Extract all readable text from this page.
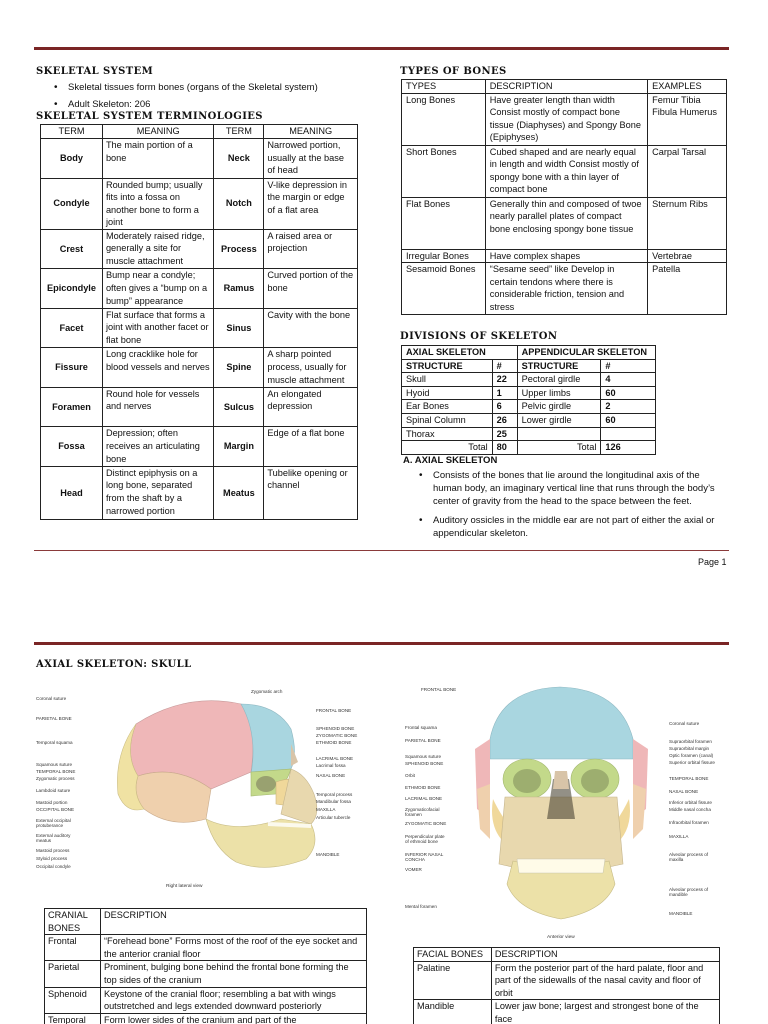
SKELETAL SYSTEM
• Skeletal tissues form bones (organs of the Skeletal system)
• Adult Skeleton: 206
SKELETAL SYSTEM TERMINOLOGIES
TERM	MEANING	TERM	MEANING
Body	The main portion of a bone	Neck	Narrowed portion, usually at the base of head
Condyle	Rounded bump; usually fits into a fossa on another bone to form a joint	Notch	V-like depression in the margin or edge of a flat area
Crest	Moderately raised ridge, generally a site for muscle attachment	Process	A raised area or projection
Epicondyle	Bump near a condyle; often gives a “bump on a bump” appearance	Ramus	Curved portion of the bone
Facet	Flat surface that forms a joint with another facet or flat bone	Sinus	Cavity with the bone
Fissure	Long cracklike hole for blood vessels and nerves	Spine	A sharp pointed process, usually for muscle attachment
Foramen	Round hole for vessels and nerves	Sulcus	An elongated depression
Fossa	Depression; often receives an articulating bone	Margin	Edge of a flat bone
Head	Distinct epiphysis on a long bone, separated from the shaft by a narrowed portion	Meatus	Tubelike opening or channel
TYPES OF BONES
TYPES	DESCRIPTION	EXAMPLES
Long Bones	Have greater length than width Consist mostly of compact bone tissue (Diaphyses) and Spongy Bone (Epiphyses)	Femur Tibia Fibula Humerus
Short Bones	Cubed shaped and are nearly equal in length and width Consist mostly of spongy bone with a thin layer of compact bone	Carpal Tarsal
Flat Bones	Generally thin and composed of twoe nearly parallel plates of compact bone enclosing spongy bone tissue	Sternum Ribs
Irregular Bones	Have complex shapes	Vertebrae
Sesamoid Bones	“Sesame seed” like Develop in certain tendons where there is considerable friction, tension and stress	Patella
DIVISIONS OF SKELETON
AXIAL SKELETON		APPENDICULAR SKELETON	
STRUCTURE	#	STRUCTURE	#
Skull	22	Pectoral girdle	4
Hyoid	1	Upper limbs	60
Ear Bones	6	Pelvic girdle	2
Spinal Column	26	Lower girdle	60
Thorax	25		
Total	80	Total	126
A. AXIAL SKELETON
• Consists of the bones that lie around the longitudinal axis of the human body, an imaginary vertical line that runs through the body’s center of gravity from the head to the space between the feet.
• Auditory ossicles in the middle ear are not part of either the axial or appendicular skeleton.
Page 1
AXIAL SKELETON: SKULL
Coronal suture
PARIETAL BONE
Temporal squama
Squamous suture
TEMPORAL BONE
Zygomatic process
Lambdoid suture
Mastoid portion
OCCIPITAL BONE
External occipital protuberance
External auditory meatus
Mastoid process
Styloid process
Occipital condyle
Zygomatic arch
FRONTAL BONE
SPHENOID BONE
ZYGOMATIC BONE
ETHMOID BONE
LACRIMAL BONE
Lacrimal fossa
NASAL BONE
Temporal process
Mandibular fossa
MAXILLA
Articular tubercle
MANDIBLE
Right lateral view
FRONTAL BONE
Frontal squama
PARIETAL BONE
Squamous suture
SPHENOID BONE
Orbit
ETHMOID BONE
LACRIMAL BONE
Zygomaticofacial foramen
ZYGOMATIC BONE
Perpendicular plate of ethmoid bone
INFERIOR NASAL CONCHA
VOMER
Mental foramen
Coronal suture
Supraorbital foramen
Supraorbital margin
Optic foramen (canal)
Superior orbital fissure
TEMPORAL BONE
NASAL BONE
Inferior orbital fissure
Middle nasal concha
Infraorbital foramen
MAXILLA
Alveolar process of maxilla
Alveolar process of mandible
MANDIBLE
Anterior view
CRANIAL BONES	DESCRIPTION
Frontal	“Forehead bone” Forms most of the roof of the eye socket and the anterior cranial floor
Parietal	Prominent, bulging bone behind the frontal bone forming the top sides of the cranium
Sphenoid	Keystone of the cranial floor; resembling a bat with wings outstretched and legs extended downward posteriorly
Temporal	Form lower sides of the cranium and part of the
FACIAL BONES	DESCRIPTION
Palatine	Form the posterior part of the hard palate, floor and part of the sidewalls of the nasal cavity and floor of orbit
Mandible	Lower jaw bone; largest and strongest bone of the face
